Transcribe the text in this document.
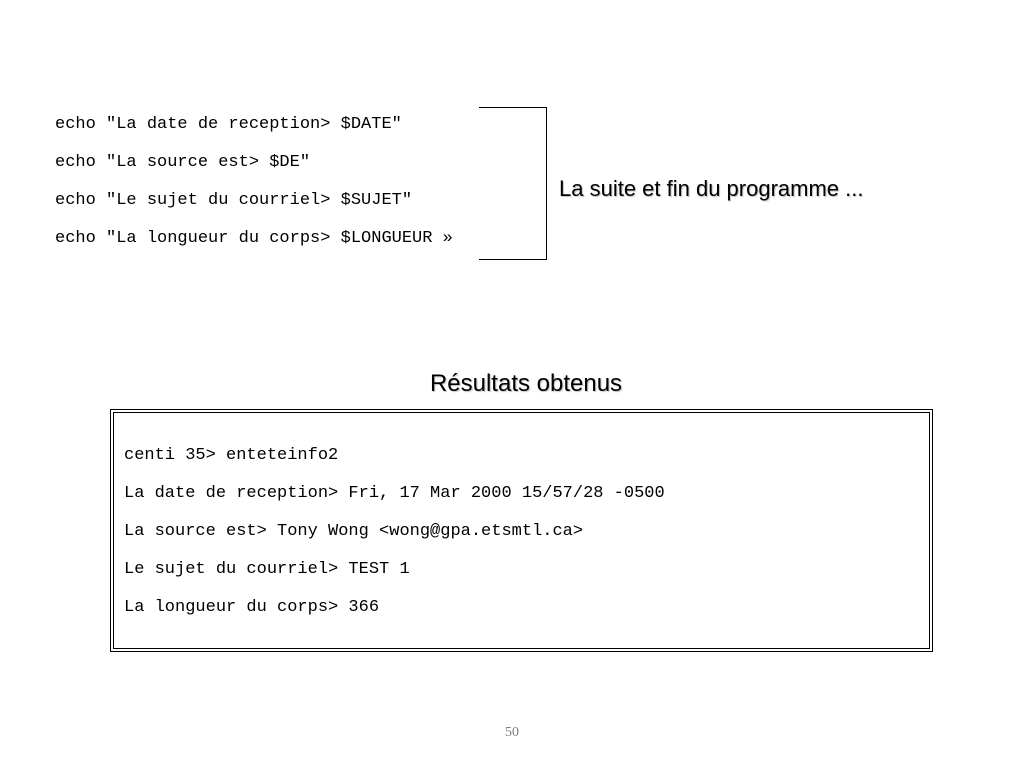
echo "La date de reception> $DATE"
echo "La source est> $DE"
echo "Le sujet du courriel> $SUJET"
echo "La longueur du corps> $LONGUEUR »
La suite et fin du programme ...
Résultats obtenus
centi 35> enteteinfo2
La date de reception> Fri, 17 Mar 2000 15/57/28 -0500
La source est> Tony Wong <wong@gpa.etsmtl.ca>
Le sujet du courriel> TEST 1
La longueur du corps> 366
50
